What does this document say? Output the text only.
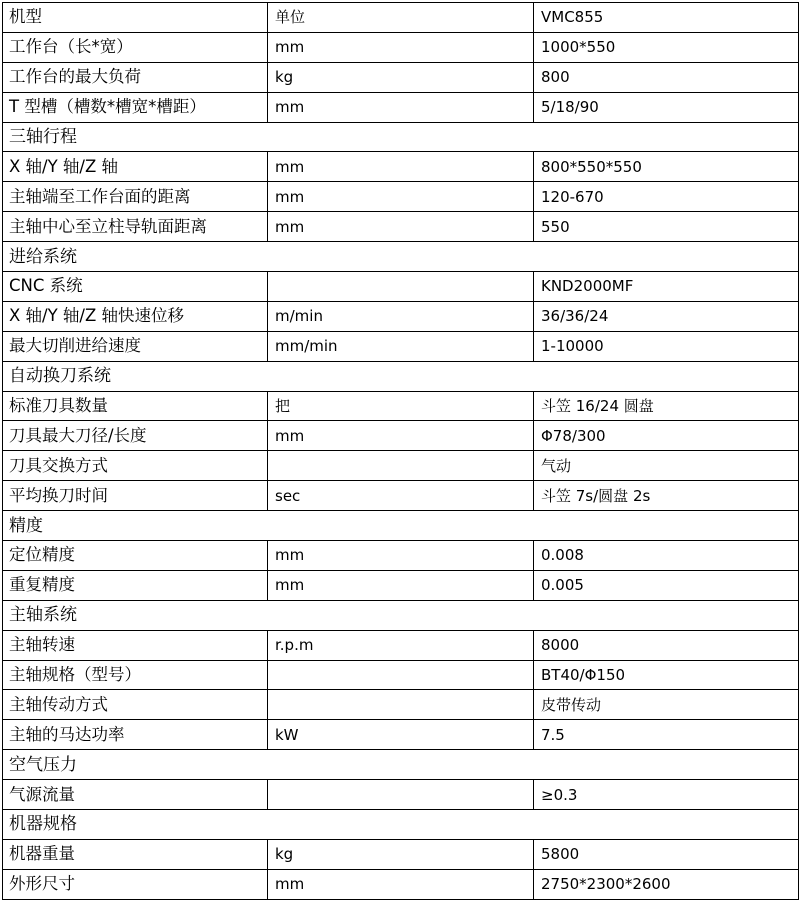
机型	单位	VMC855
工作台（长*宽）	mm	1000*550
工作台的最大负荷	kg	800
T 型槽（槽数*槽宽*槽距）	mm	5/18/90
三轴行程		
X 轴/Y 轴/Z 轴	mm	800*550*550
主轴端至工作台面的距离	mm	120-670
主轴中心至立柱导轨面距离	mm	550
进给系统		
CNC 系统		KND2000MF
X 轴/Y 轴/Z 轴快速位移	m/min	36/36/24
最大切削进给速度	mm/min	1-10000
自动换刀系统		
标准刀具数量	把	斗笠 16/24 圆盘
刀具最大刀径/长度	mm	Φ78/300
刀具交换方式		气动
平均换刀时间	sec	斗笠 7s/圆盘 2s
精度		
定位精度	mm	0.008
重复精度	mm	0.005
主轴系统		
主轴转速	r.p.m	8000
主轴规格（型号）		BT40/Φ150
主轴传动方式		皮带传动
主轴的马达功率	kW	7.5
空气压力		
气源流量		≥0.3
机器规格		
机器重量	kg	5800
外形尺寸	mm	2750*2300*2600
